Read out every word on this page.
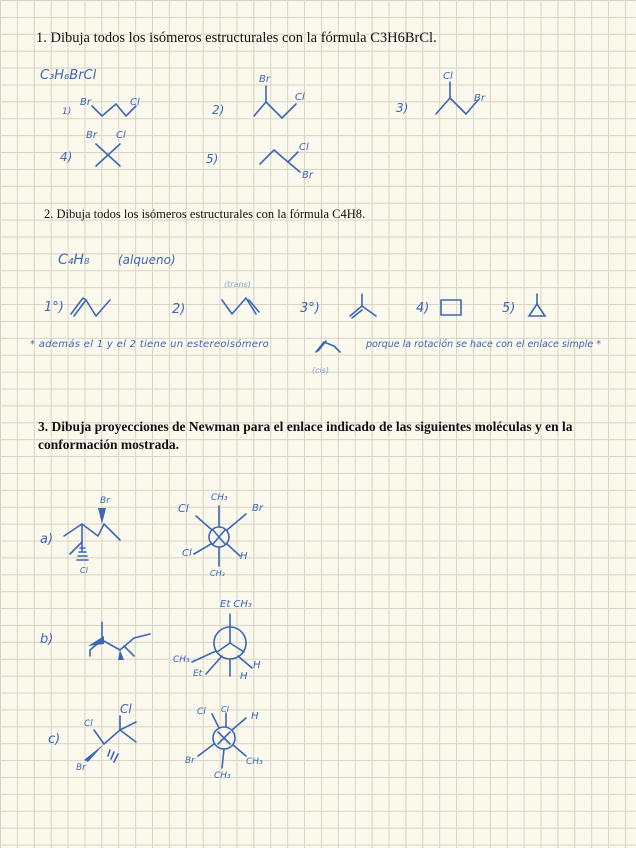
1. Dibuja todos los isómeros estructurales con la fórmula C3H6BrCl.
2. Dibuja todos los isómeros estructurales con la fórmula C4H8.
3. Dibuja proyecciones de Newman para el enlace indicado de las siguientes moléculas y en la conformación mostrada.
C₃H₆BrCl
1)	2)	3)
4)	5)
Br	Cl
Br
Cl
Cl
Br
Br Cl
Cl
Br
C₄H₈ (alqueno)
1°)	2)	3°)	4)	5)
(trans)
(cis)
* además el 1 y el 2 tiene un estereoisómero	porque la rotación se hace con el enlace simple *
a)
b)
c)
Br
Cl
CH₃
Cl	Br
Cl	H
CH₃
Et CH₃
CH₃
Et
H
H
Cl
Cl
Br
Cl Cl
H
Br	CH₃
CH₃
